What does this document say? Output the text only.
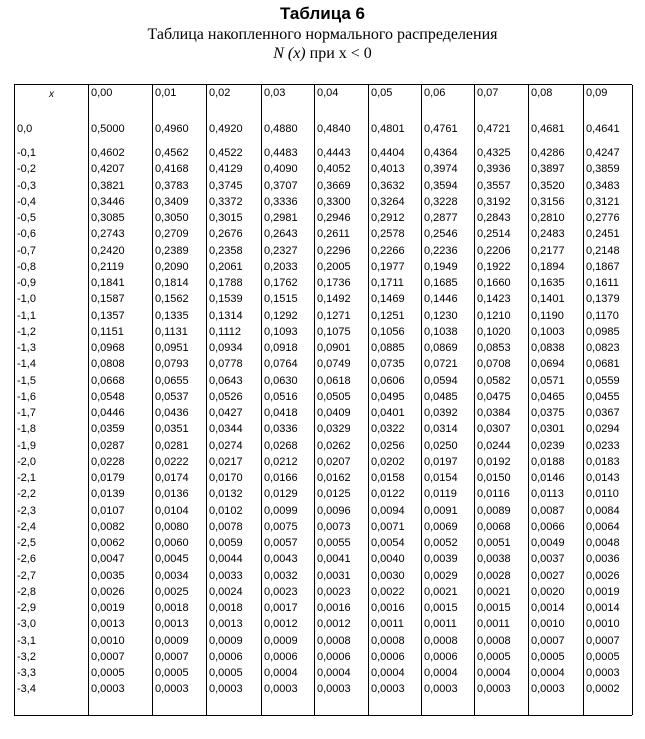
Таблица 6
Таблица накопленного нормального распределения
N (x) при x < 0
x	0,00	0,01	0,02	0,03	0,04	0,05	0,06	0,07	0,08	0,09
0,0	0,5000	0,4960 0,4920 0,4880 0,4840 0,4801 0,4761 0,4721 0,4681 0,4641
-0,1	0,4602	0,4562 0,4522 0,4483 0,4443 0,4404 0,4364 0,4325 0,4286 0,4247
-0,2	0,4207	0,4168 0,4129 0,4090 0,4052 0,4013 0,3974 0,3936 0,3897 0,3859
-0,3	0,3821	0,3783 0,3745 0,3707 0,3669 0,3632 0,3594 0,3557 0,3520 0,3483
-0,4	0,3446	0,3409 0,3372 0,3336 0,3300 0,3264 0,3228 0,3192 0,3156 0,3121
-0,5	0,3085	0,3050 0,3015 0,2981 0,2946 0,2912 0,2877 0,2843 0,2810 0,2776
-0,6	0,2743	0,2709 0,2676 0,2643 0,2611 0,2578 0,2546 0,2514 0,2483 0,2451
-0,7	0,2420	0,2389 0,2358 0,2327 0,2296 0,2266 0,2236 0,2206 0,2177 0,2148
-0,8	0,2119	0,2090 0,2061 0,2033 0,2005 0,1977 0,1949 0,1922 0,1894 0,1867
-0,9	0,1841	0,1814 0,1788 0,1762 0,1736 0,1711 0,1685 0,1660 0,1635 0,1611
-1,0	0,1587	0,1562 0,1539 0,1515 0,1492 0,1469 0,1446 0,1423 0,1401 0,1379
-1,1	0,1357	0,1335 0,1314 0,1292 0,1271 0,1251 0,1230 0,1210 0,1190 0,1170
-1,2	0,1151	0,1131 0,1112 0,1093 0,1075 0,1056 0,1038 0,1020 0,1003 0,0985
-1,3	0,0968	0,0951 0,0934 0,0918 0,0901 0,0885 0,0869 0,0853 0,0838 0,0823
-1,4	0,0808	0,0793 0,0778 0,0764 0,0749 0,0735 0,0721 0,0708 0,0694 0,0681
-1,5	0,0668	0,0655 0,0643 0,0630 0,0618 0,0606 0,0594 0,0582 0,0571 0,0559
-1,6	0,0548	0,0537 0,0526 0,0516 0,0505 0,0495 0,0485 0,0475 0,0465 0,0455
-1,7	0,0446	0,0436 0,0427 0,0418 0,0409 0,0401 0,0392 0,0384 0,0375 0,0367
-1,8	0,0359	0,0351 0,0344 0,0336 0,0329 0,0322 0,0314 0,0307 0,0301 0,0294
-1,9	0,0287	0,0281 0,0274 0,0268 0,0262 0,0256 0,0250 0,0244 0,0239 0,0233
-2,0	0,0228	0,0222 0,0217 0,0212 0,0207 0,0202 0,0197 0,0192 0,0188 0,0183
-2,1	0,0179	0,0174 0,0170 0,0166 0,0162 0,0158 0,0154 0,0150 0,0146 0,0143
-2,2	0,0139	0,0136 0,0132 0,0129 0,0125 0,0122 0,0119 0,0116 0,0113 0,0110
-2,3	0,0107	0,0104 0,0102 0,0099 0,0096 0,0094 0,0091 0,0089 0,0087 0,0084
-2,4	0,0082	0,0080 0,0078 0,0075 0,0073 0,0071 0,0069 0,0068 0,0066 0,0064
-2,5	0,0062	0,0060 0,0059 0,0057 0,0055 0,0054 0,0052 0,0051 0,0049 0,0048
-2,6	0,0047	0,0045 0,0044 0,0043 0,0041 0,0040 0,0039 0,0038 0,0037 0,0036
-2,7	0,0035	0,0034 0,0033 0,0032 0,0031 0,0030 0,0029 0,0028 0,0027 0,0026
-2,8	0,0026	0,0025 0,0024 0,0023 0,0023 0,0022 0,0021 0,0021 0,0020 0,0019
-2,9	0,0019	0,0018 0,0018 0,0017 0,0016 0,0016 0,0015 0,0015 0,0014 0,0014
-3,0	0,0013	0,0013 0,0013 0,0012 0,0012 0,0011 0,0011 0,0011 0,0010 0,0010
-3,1	0,0010	0,0009 0,0009 0,0009 0,0008 0,0008 0,0008 0,0008 0,0007 0,0007
-3,2	0,0007	0,0007 0,0006 0,0006 0,0006 0,0006 0,0006 0,0005 0,0005 0,0005
-3,3	0,0005	0,0005 0,0005 0,0004 0,0004 0,0004 0,0004 0,0004 0,0004 0,0003
-3,4	0,0003	0,0003 0,0003 0,0003 0,0003 0,0003 0,0003 0,0003 0,0003 0,0002
